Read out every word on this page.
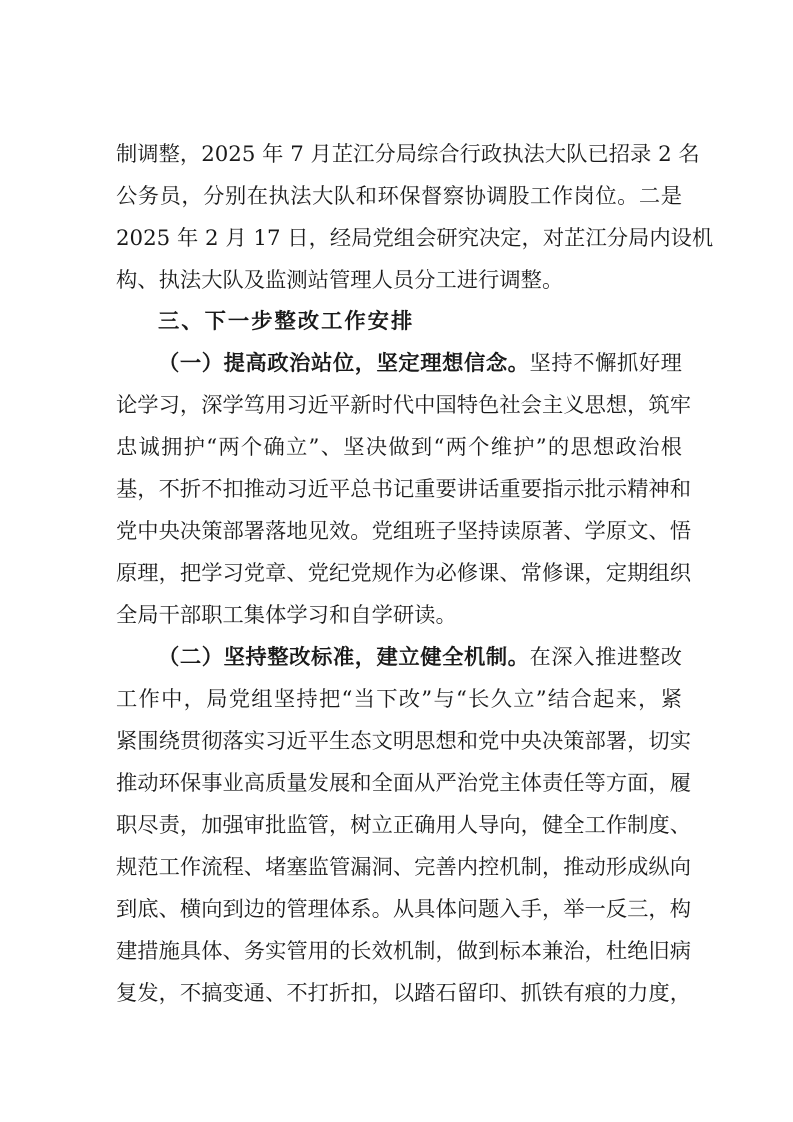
制调整，2025 年 7 月芷江分局综合行政执法大队已招录 2 名
公务员，分别在执法大队和环保督察协调股工作岗位。二是
2025 年 2 月 17 日，经局党组会研究决定，对芷江分局内设机
构、执法大队及监测站管理人员分工进行调整。
三、下一步整改工作安排
（一）提高政治站位，坚定理想信念。坚持不懈抓好理
论学习，深学笃用习近平新时代中国特色社会主义思想，筑牢
忠诚拥护“两个确立”、坚决做到“两个维护”的思想政治根
基，不折不扣推动习近平总书记重要讲话重要指示批示精神和
党中央决策部署落地见效。党组班子坚持读原著、学原文、悟
原理，把学习党章、党纪党规作为必修课、常修课，定期组织
全局干部职工集体学习和自学研读。
（二）坚持整改标准，建立健全机制。在深入推进整改
工作中，局党组坚持把“当下改”与“长久立”结合起来，紧
紧围绕贯彻落实习近平生态文明思想和党中央决策部署，切实
推动环保事业高质量发展和全面从严治党主体责任等方面，履
职尽责，加强审批监管，树立正确用人导向，健全工作制度、
规范工作流程、堵塞监管漏洞、完善内控机制，推动形成纵向
到底、横向到边的管理体系。从具体问题入手，举一反三，构
建措施具体、务实管用的长效机制，做到标本兼治，杜绝旧病
复发，不搞变通、不打折扣，以踏石留印、抓铁有痕的力度，
